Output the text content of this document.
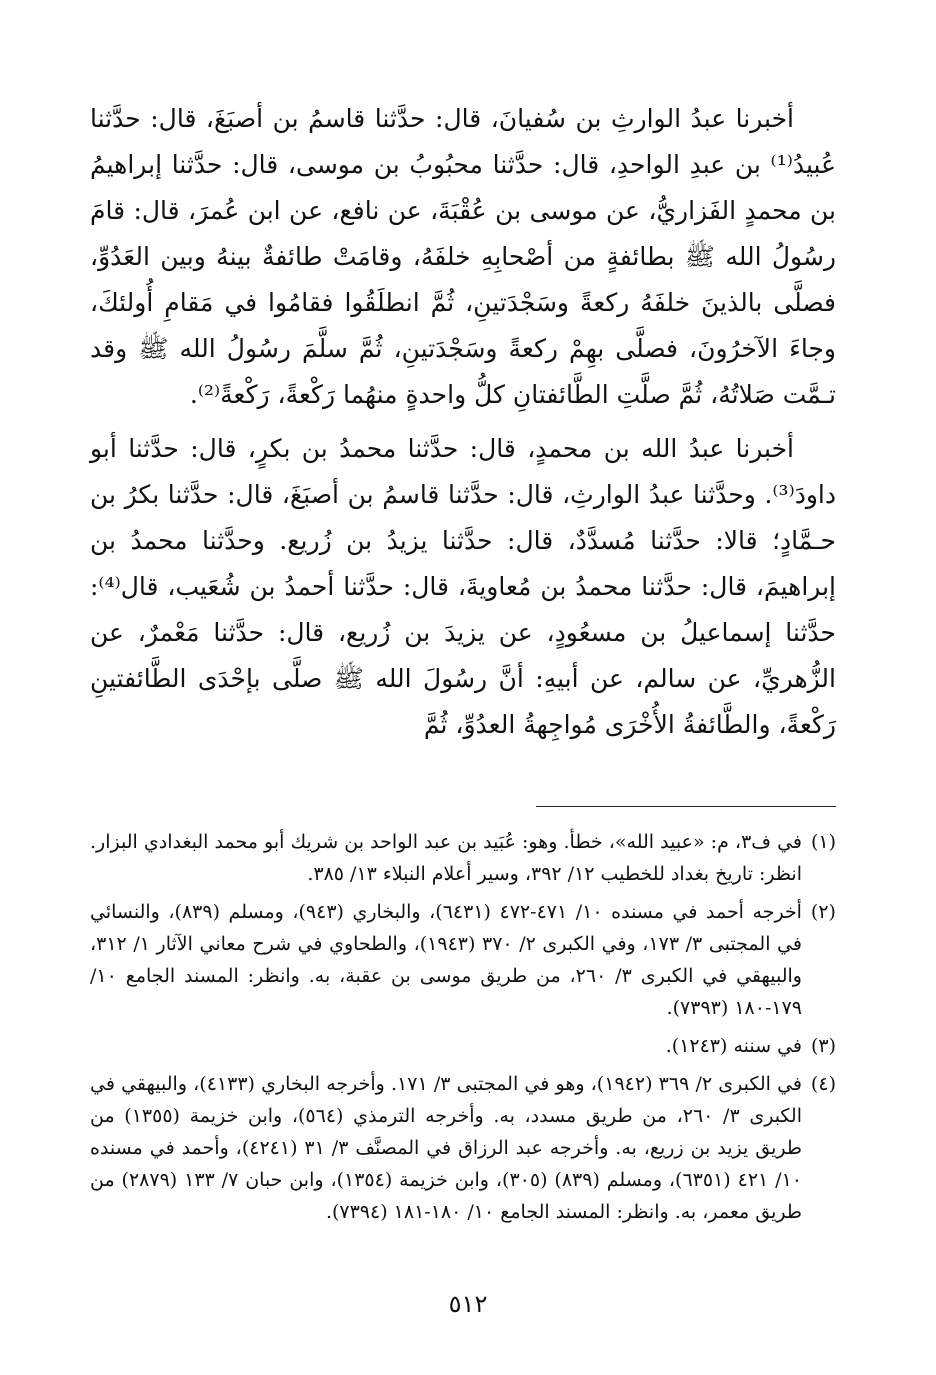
أخبرنا عبدُ الوارثِ بن سُفيانَ، قال: حدَّثنا قاسمُ بن أصبَغَ، قال: حدَّثنا عُبيدُ⁽¹⁾ بن عبدِ الواحدِ، قال: حدَّثنا محبُوبُ بن موسى، قال: حدَّثنا إبراهيمُ بن محمدٍ الفَزاريُّ، عن موسى بن عُقْبَةَ، عن نافع، عن ابن عُمرَ، قال: قامَ رسُولُ الله ﷺ بطائفةٍ من أصْحابِهِ خلفَهُ، وقامَتْ طائفةٌ بينهُ وبين العَدُوِّ، فصلَّى بالذينَ خلفَهُ ركعةً وسَجْدَتينِ، ثُمَّ انطلَقُوا فقامُوا في مَقامِ أُولئكَ، وجاءَ الآخرُونَ، فصلَّى بهِمْ ركعةً وسَجْدَتينِ، ثُمَّ سلَّمَ رسُولُ الله ﷺ وقد تـمَّت صَلاتُهُ، ثُمَّ صلَّتِ الطَّائفتانِ كلُّ واحدةٍ منهُما رَكْعةً، رَكْعةً⁽²⁾.

أخبرنا عبدُ الله بن محمدٍ، قال: حدَّثنا محمدُ بن بكرٍ، قال: حدَّثنا أبو داودَ⁽³⁾. وحدَّثنا عبدُ الوارثِ، قال: حدَّثنا قاسمُ بن أصبَغَ، قال: حدَّثنا بكرُ بن حـمَّادٍ؛ قالا: حدَّثنا مُسدَّدٌ، قال: حدَّثنا يزيدُ بن زُريع. وحدَّثنا محمدُ بن إبراهيمَ، قال: حدَّثنا محمدُ بن مُعاويةَ، قال: حدَّثنا أحمدُ بن شُعَيب، قال⁽⁴⁾: حدَّثنا إسماعيلُ بن مسعُودٍ، عن يزيدَ بن زُريع، قال: حدَّثنا مَعْمرٌ، عن الزُّهريِّ، عن سالم، عن أبيهِ: أنَّ رسُولَ الله ﷺ صلَّى بإحْدَى الطَّائفتينِ رَكْعةً، والطَّائفةُ الأُخْرَى مُواجِهةُ العدُوِّ، ثُمَّ

(١)في ف٣، م: «عبيد الله»، خطأ. وهو: عُبَيد بن عبد الواحد بن شريك أبو محمد البغدادي البزار. انظر: تاريخ بغداد للخطيب ١٢/ ٣٩٢، وسير أعلام النبلاء ١٣/ ٣٨٥.

(٢)أخرجه أحمد في مسنده ١٠/ ٤٧١-٤٧٢ (٦٤٣١)، والبخاري (٩٤٣)، ومسلم (٨٣٩)، والنسائي في المجتبى ٣/ ١٧٣، وفي الكبرى ٢/ ٣٧٠ (١٩٤٣)، والطحاوي في شرح معاني الآثار ١/ ٣١٢، والبيهقي في الكبرى ٣/ ٢٦٠، من طريق موسى بن عقبة، به. وانظر: المسند الجامع ١٠/ ١٧٩-١٨٠ (٧٣٩٣).

(٣)في سننه (١٢٤٣).

(٤)في الكبرى ٢/ ٣٦٩ (١٩٤٢)، وهو في المجتبى ٣/ ١٧١. وأخرجه البخاري (٤١٣٣)، والبيهقي في الكبرى ٣/ ٢٦٠، من طريق مسدد، به. وأخرجه الترمذي (٥٦٤)، وابن خزيمة (١٣٥٥) من طريق يزيد بن زريع، به. وأخرجه عبد الرزاق في المصنَّف ٣/ ٣١ (٤٢٤١)، وأحمد في مسنده ١٠/ ٤٢١ (٦٣٥١)، ومسلم (٨٣٩) (٣٠٥)، وابن خزيمة (١٣٥٤)، وابن حبان ٧/ ١٣٣ (٢٨٧٩) من طريق معمر، به. وانظر: المسند الجامع ١٠/ ١٨٠-١٨١ (٧٣٩٤).

٥١٢
